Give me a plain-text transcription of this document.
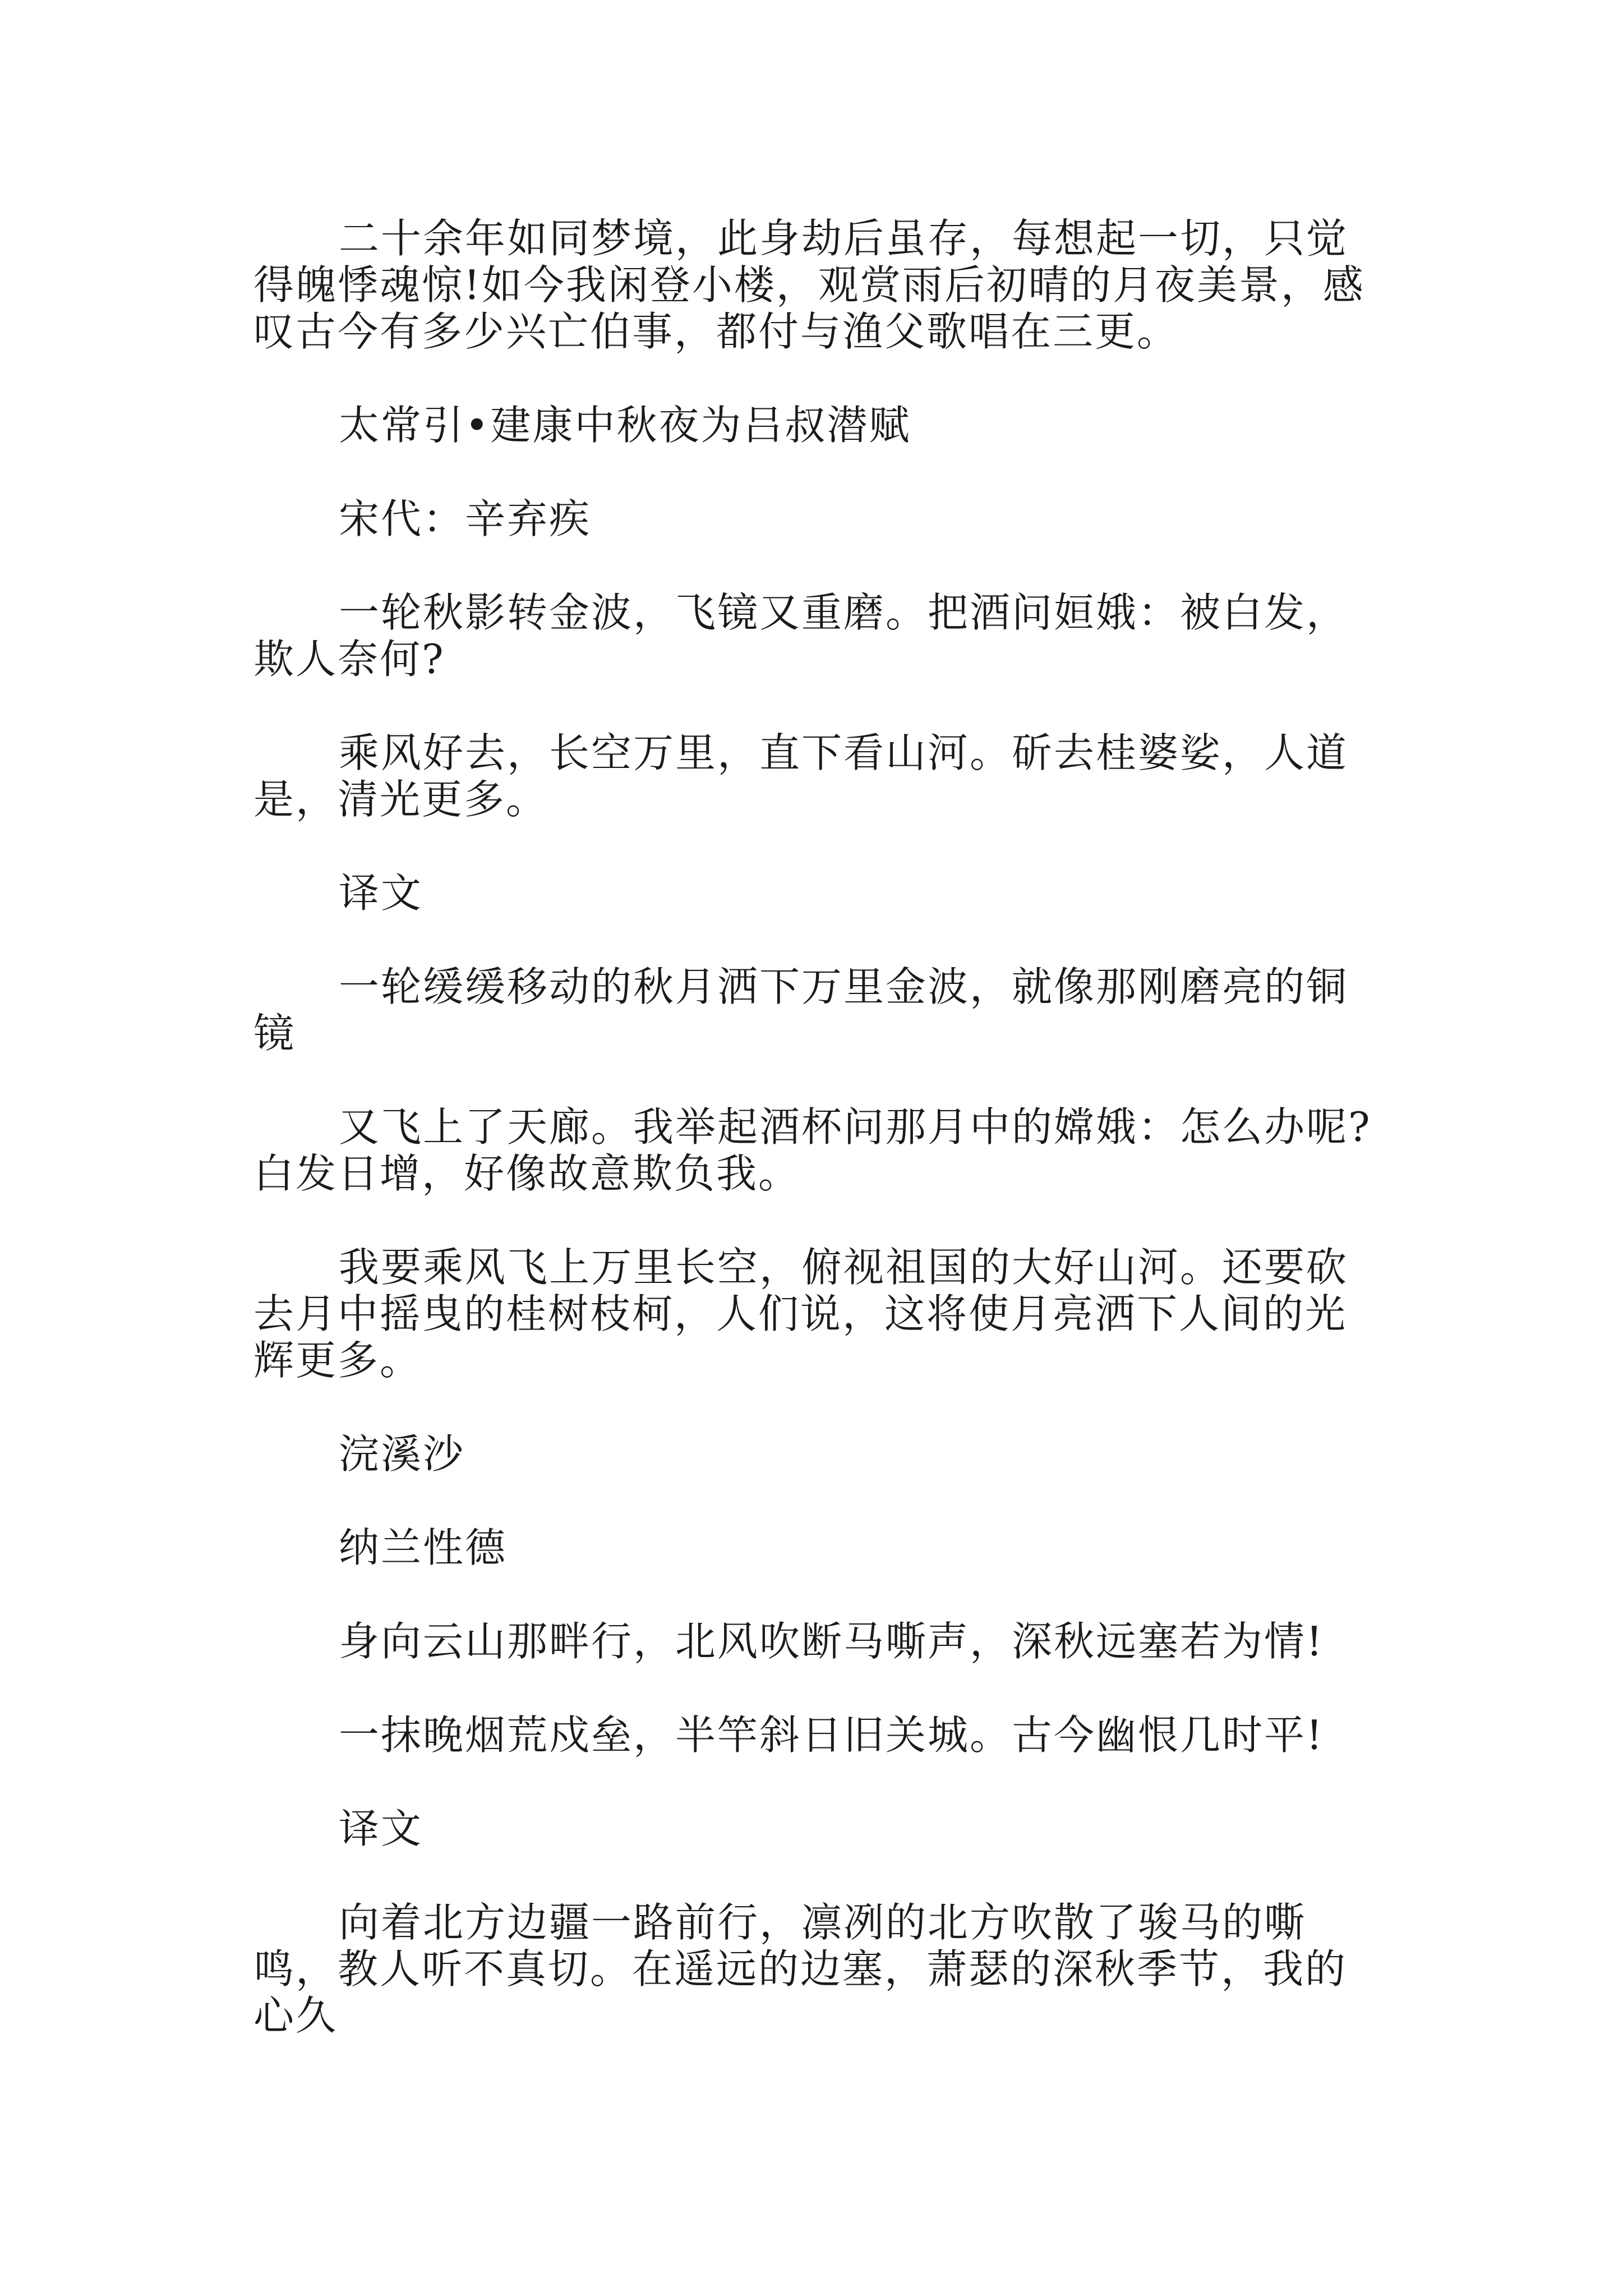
二十余年如同梦境，此身劫后虽存，每想起一切，只觉得魄悸魂惊!如今我闲登小楼，观赏雨后初晴的月夜美景，感叹古今有多少兴亡伯事，都付与渔父歌唱在三更。

太常引•建康中秋夜为吕叔潜赋

宋代：辛弃疾

一轮秋影转金波，飞镜又重磨。把酒问姮娥：被白发，欺人奈何?

乘风好去，长空万里，直下看山河。斫去桂婆娑，人道是，清光更多。

译文

一轮缓缓移动的秋月洒下万里金波，就像那刚磨亮的铜镜

又飞上了天廊。我举起酒杯问那月中的嫦娥：怎么办呢?白发日增，好像故意欺负我。

我要乘风飞上万里长空，俯视祖国的大好山河。还要砍去月中摇曳的桂树枝柯，人们说，这将使月亮洒下人间的光辉更多。

浣溪沙

纳兰性德

身向云山那畔行，北风吹断马嘶声，深秋远塞若为情!

一抹晚烟荒戍垒，半竿斜日旧关城。古今幽恨几时平!

译文

向着北方边疆一路前行，凛冽的北方吹散了骏马的嘶鸣，教人听不真切。在遥远的边塞，萧瑟的深秋季节，我的心久
